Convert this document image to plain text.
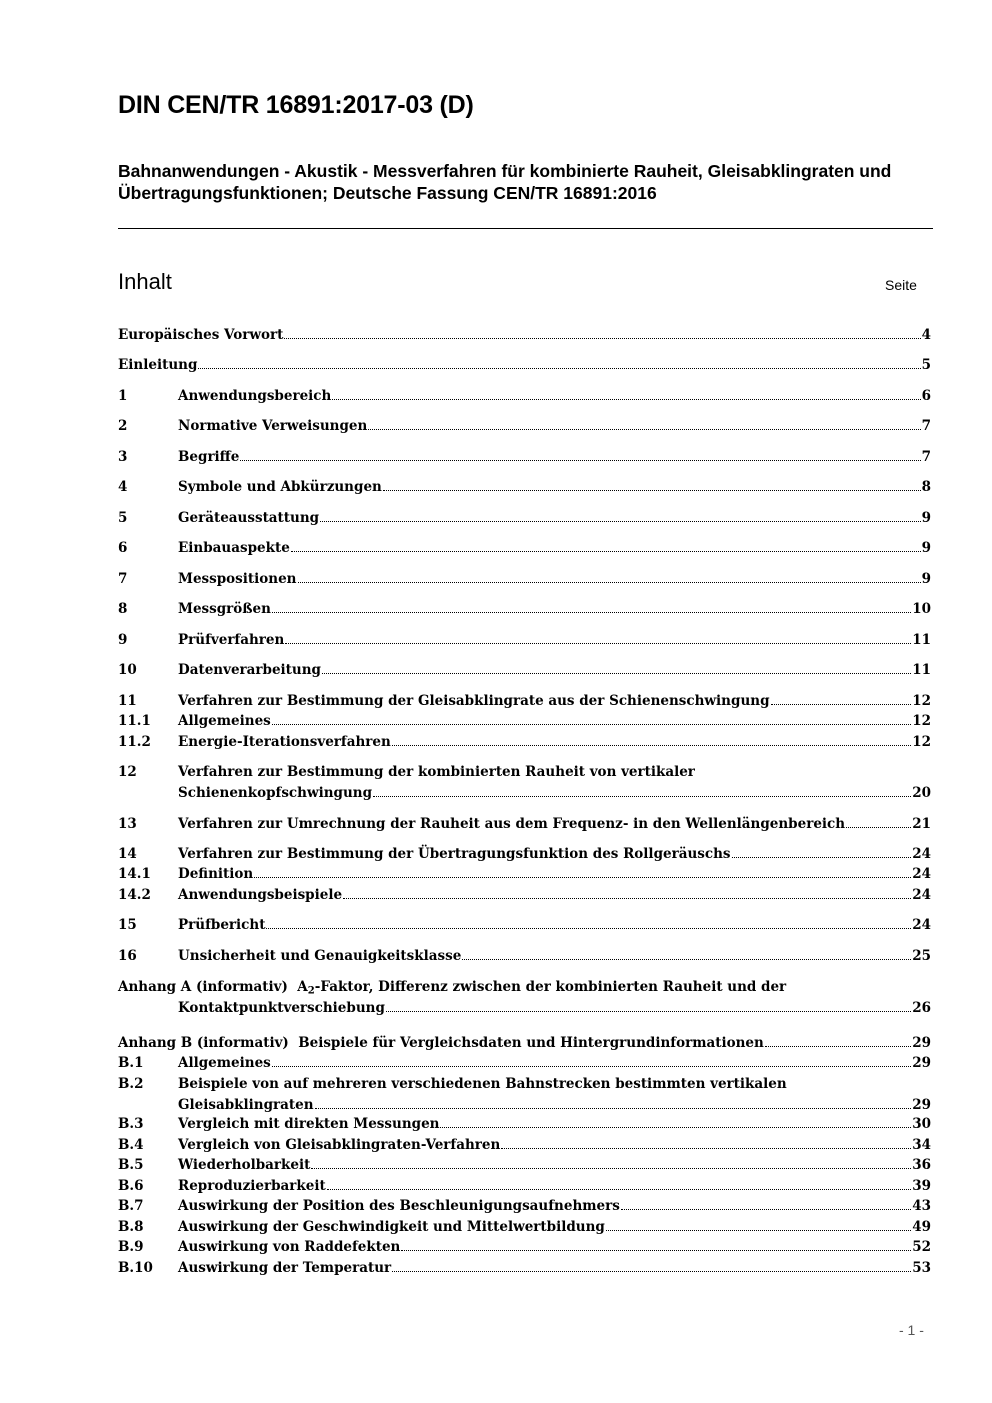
DIN CEN/TR 16891:2017-03 (D)
Bahnanwendungen - Akustik - Messverfahren für kombinierte Rauheit, Gleisabklingraten und Übertragungsfunktionen; Deutsche Fassung CEN/TR 16891:2016
Inhalt	Seite
Europäisches Vorwort	4
Einleitung	5
1	Anwendungsbereich	6
2	Normative Verweisungen	7
3	Begriffe	7
4	Symbole und Abkürzungen	8
5	Geräteausstattung	9
6	Einbauaspekte	9
7	Messpositionen	9
8	Messgrößen	10
9	Prüfverfahren	11
10	Datenverarbeitung	11
11	Verfahren zur Bestimmung der Gleisabklingrate aus der Schienenschwingung	12
11.1 Allgemeines	12
11.2 Energie-Iterationsverfahren	12
12	Verfahren zur Bestimmung der kombinierten Rauheit von vertikaler
Schienenkopfschwingung	20
13	Verfahren zur Umrechnung der Rauheit aus dem Frequenz- in den Wellenlängenbereich	21
14	Verfahren zur Bestimmung der Übertragungsfunktion des Rollgeräuschs	24
14.1 Definition	24
14.2 Anwendungsbeispiele	24
15	Prüfbericht	24
16	Unsicherheit und Genauigkeitsklasse	25
Anhang A (informativ)  $A_2$-Faktor, Differenz zwischen der kombinierten Rauheit und der
Kontaktpunktverschiebung	26
Anhang B (informativ)  Beispiele für Vergleichsdaten und Hintergrundinformationen	29
B.1	Allgemeines	29
B.2	Beispiele von auf mehreren verschiedenen Bahnstrecken bestimmten vertikalen
Gleisabklingraten	29
B.3	Vergleich mit direkten Messungen	30
B.4	Vergleich von Gleisabklingraten-Verfahren	34
B.5	Wiederholbarkeit	36
B.6	Reproduzierbarkeit	39
B.7	Auswirkung der Position des Beschleunigungsaufnehmers	43
B.8	Auswirkung der Geschwindigkeit und Mittelwertbildung	49
B.9	Auswirkung von Raddefekten	52
B.10 Auswirkung der Temperatur	53
- 1 -
